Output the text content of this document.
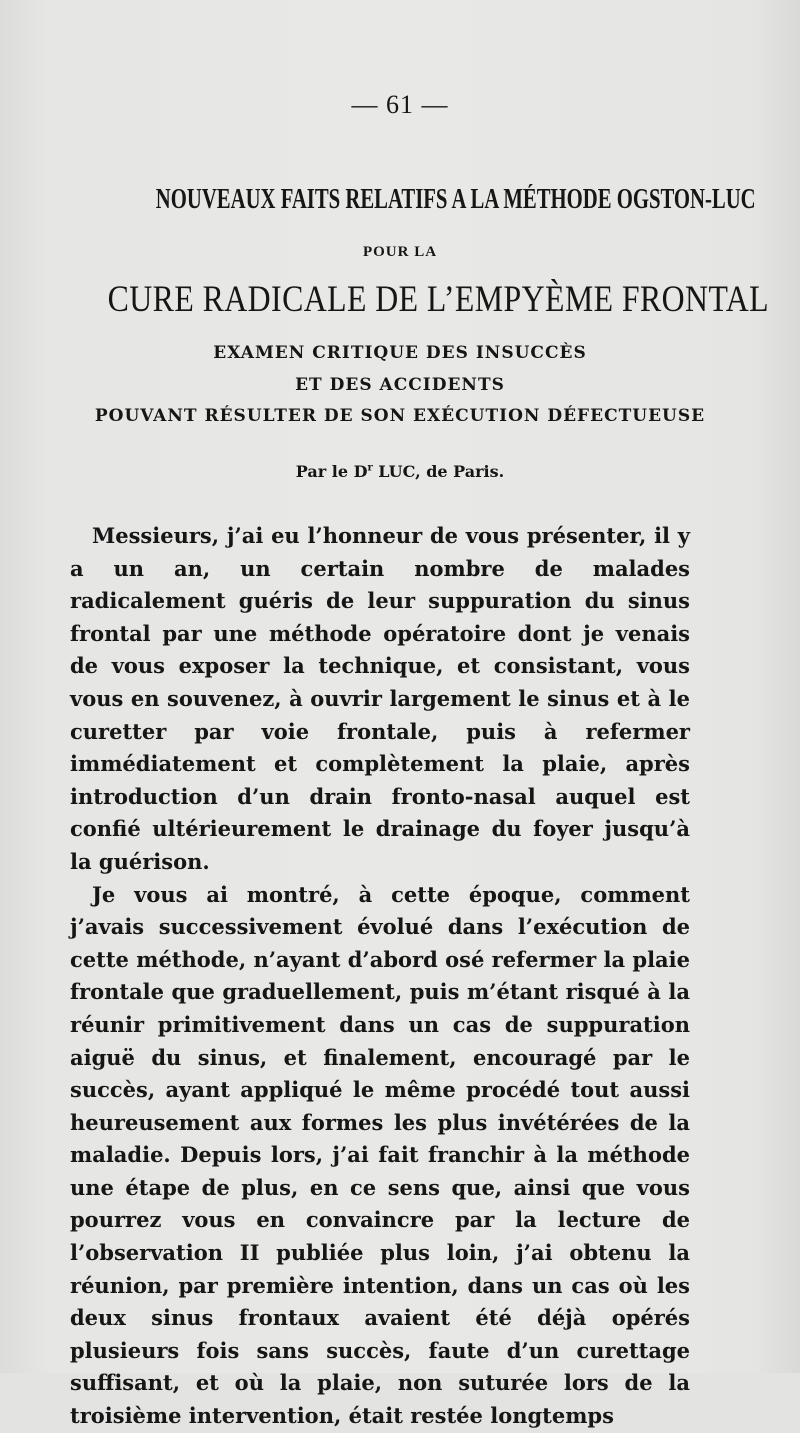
— 61 —
NOUVEAUX FAITS RELATIFS A LA MÉTHODE OGSTON-LUC
POUR LA
CURE RADICALE DE L’EMPYÈME FRONTAL
EXAMEN CRITIQUE DES INSUCCÈS
ET DES ACCIDENTS
POUVANT RÉSULTER DE SON EXÉCUTION DÉFECTUEUSE
Par le $D^r$ LUC, de Paris.

Messieurs, j’ai eu l’honneur de vous présenter, il y a un an, un certain nombre de malades radicalement guéris de leur suppuration du sinus frontal par une méthode opératoire dont je venais de vous exposer la technique, et consistant, vous vous en souvenez, à ouvrir largement le sinus et à le curetter par voie frontale, puis à refermer immédiatement et complètement la plaie, après introduction d’un drain fronto-nasal auquel est confié ultérieurement le drainage du foyer jusqu’à la guérison.

Je vous ai montré, à cette époque, comment j’avais successivement évolué dans l’exécution de cette méthode, n’ayant d’abord osé refermer la plaie frontale que graduellement, puis m’étant risqué à la réunir primitivement dans un cas de suppuration aiguë du sinus, et finalement, encouragé par le succès, ayant appliqué le même procédé tout aussi heureusement aux formes les plus invétérées de la maladie. Depuis lors, j’ai fait franchir à la méthode une étape de plus, en ce sens que, ainsi que vous pourrez vous en convaincre par la lecture de l’observation II publiée plus loin, j’ai obtenu la réunion, par première intention, dans un cas où les deux sinus frontaux avaient été déjà opérés plusieurs fois sans succès, faute d’un curettage suffisant, et où la plaie, non suturée lors de la troisième intervention, était restée longtemps
